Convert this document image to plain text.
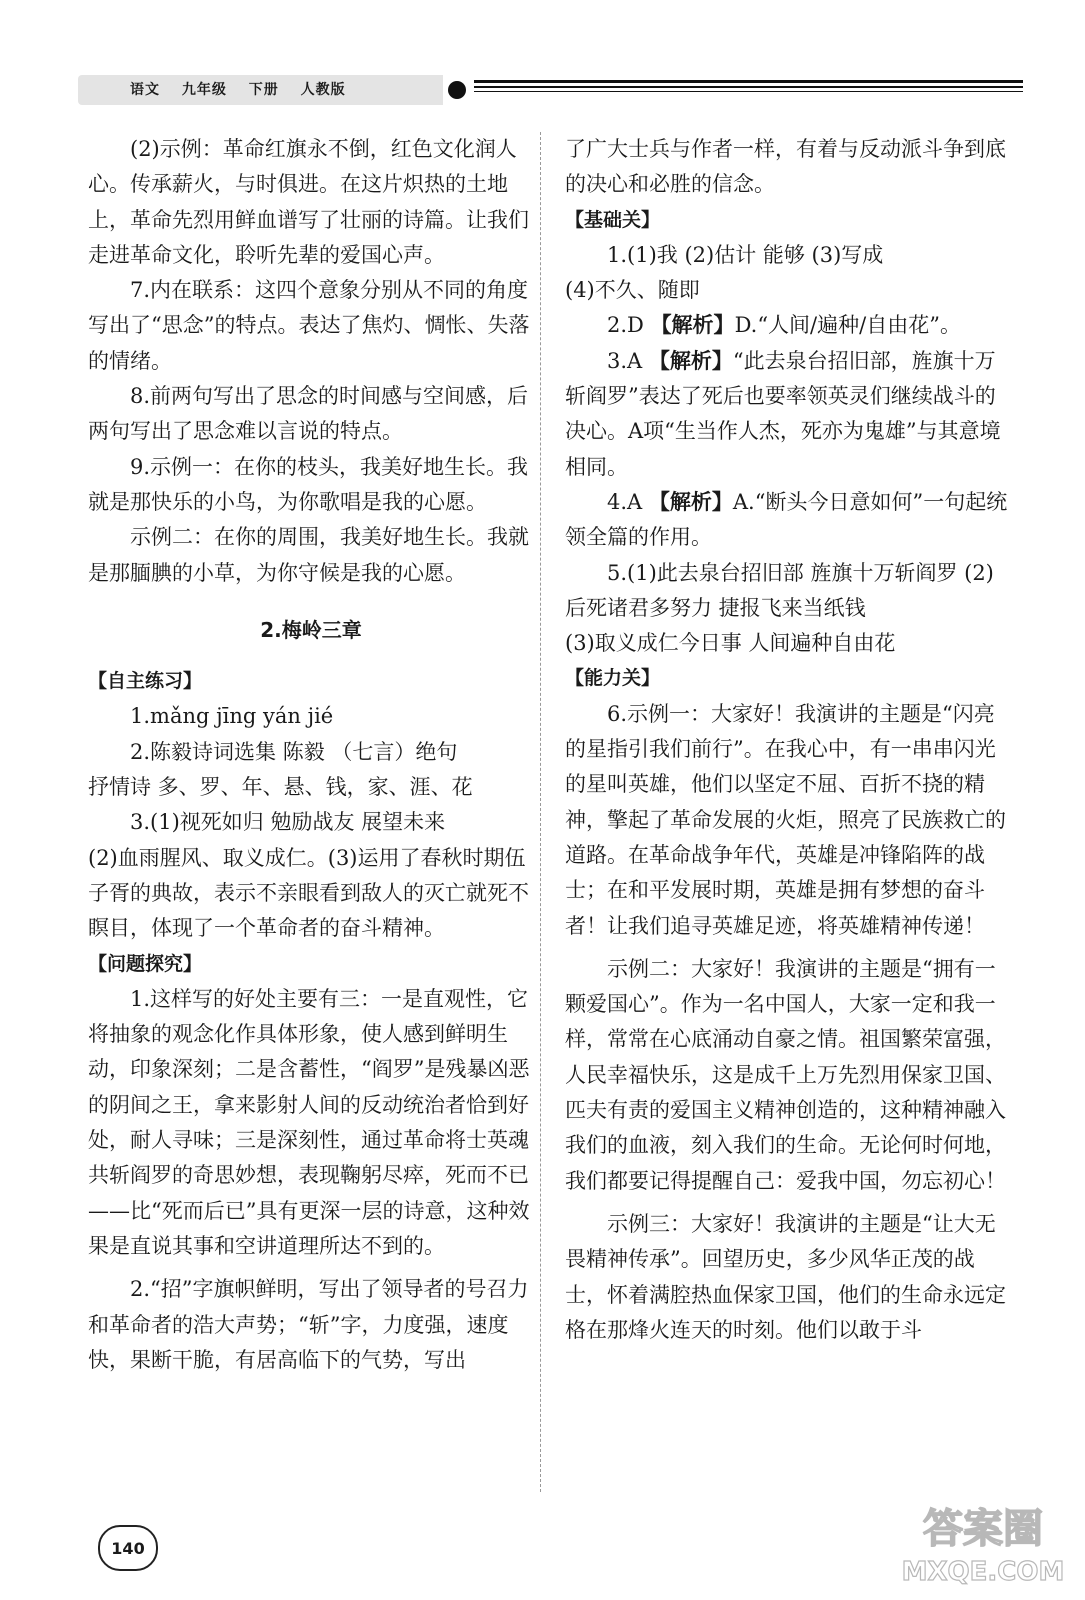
语文 九年级 下册 人教版

(2)示例：革命红旗永不倒，红色文化润人心。传承薪火，与时俱进。在这片炽热的土地上，革命先烈用鲜血谱写了壮丽的诗篇。让我们走进革命文化，聆听先辈的爱国心声。

7.内在联系：这四个意象分别从不同的角度写出了“思念”的特点。表达了焦灼、惆怅、失落的情绪。

8.前两句写出了思念的时间感与空间感，后两句写出了思念难以言说的特点。

9.示例一：在你的枝头，我美好地生长。我就是那快乐的小鸟，为你歌唱是我的心愿。

示例二：在你的周围，我美好地生长。我就是那腼腆的小草，为你守候是我的心愿。

2.梅岭三章

【自主练习】

1.mǎng jīng yán jié

2.陈毅诗词选集 陈毅 （七言）绝句

抒情诗 多、罗、年、悬、钱，家、涯、花

3.(1)视死如归 勉励战友 展望未来

(2)血雨腥风、取义成仁。(3)运用了春秋时期伍子胥的典故，表示不亲眼看到敌人的灭亡就死不瞑目，体现了一个革命者的奋斗精神。

【问题探究】

1.这样写的好处主要有三：一是直观性，它将抽象的观念化作具体形象，使人感到鲜明生动，印象深刻；二是含蓄性，“阎罗”是残暴凶恶的阴间之王，拿来影射人间的反动统治者恰到好处，耐人寻味；三是深刻性，通过革命将士英魂共斩阎罗的奇思妙想，表现鞠躬尽瘁，死而不已——比“死而后已”具有更深一层的诗意，这种效果是直说其事和空讲道理所达不到的。

2.“招”字旗帜鲜明，写出了领导者的号召力和革命者的浩大声势；“斩”字，力度强，速度快，果断干脆，有居高临下的气势，写出

了广大士兵与作者一样，有着与反动派斗争到底的决心和必胜的信念。

【基础关】

1.(1)我 (2)估计 能够 (3)写成

(4)不久、随即

2.D 【解析】D.“人间/遍种/自由花”。

3.A 【解析】“此去泉台招旧部，旌旗十万斩阎罗”表达了死后也要率领英灵们继续战斗的决心。A项“生当作人杰，死亦为鬼雄”与其意境相同。

4.A 【解析】A.“断头今日意如何”一句起统领全篇的作用。

5.(1)此去泉台招旧部 旌旗十万斩阎罗 (2)后死诸君多努力 捷报飞来当纸钱

(3)取义成仁今日事 人间遍种自由花

【能力关】

6.示例一：大家好！我演讲的主题是“闪亮的星指引我们前行”。在我心中，有一串串闪光的星叫英雄，他们以坚定不屈、百折不挠的精神，擎起了革命发展的火炬，照亮了民族救亡的道路。在革命战争年代，英雄是冲锋陷阵的战士；在和平发展时期，英雄是拥有梦想的奋斗者！让我们追寻英雄足迹，将英雄精神传递！

示例二：大家好！我演讲的主题是“拥有一颗爱国心”。作为一名中国人，大家一定和我一样，常常在心底涌动自豪之情。祖国繁荣富强，人民幸福快乐，这是成千上万先烈用保家卫国、匹夫有责的爱国主义精神创造的，这种精神融入我们的血液，刻入我们的生命。无论何时何地，我们都要记得提醒自己：爱我中国，勿忘初心！

示例三：大家好！我演讲的主题是“让大无畏精神传承”。回望历史，多少风华正茂的战士，怀着满腔热血保家卫国，他们的生命永远定格在那烽火连天的时刻。他们以敢于斗

140	答案圈
MXQE.COM
